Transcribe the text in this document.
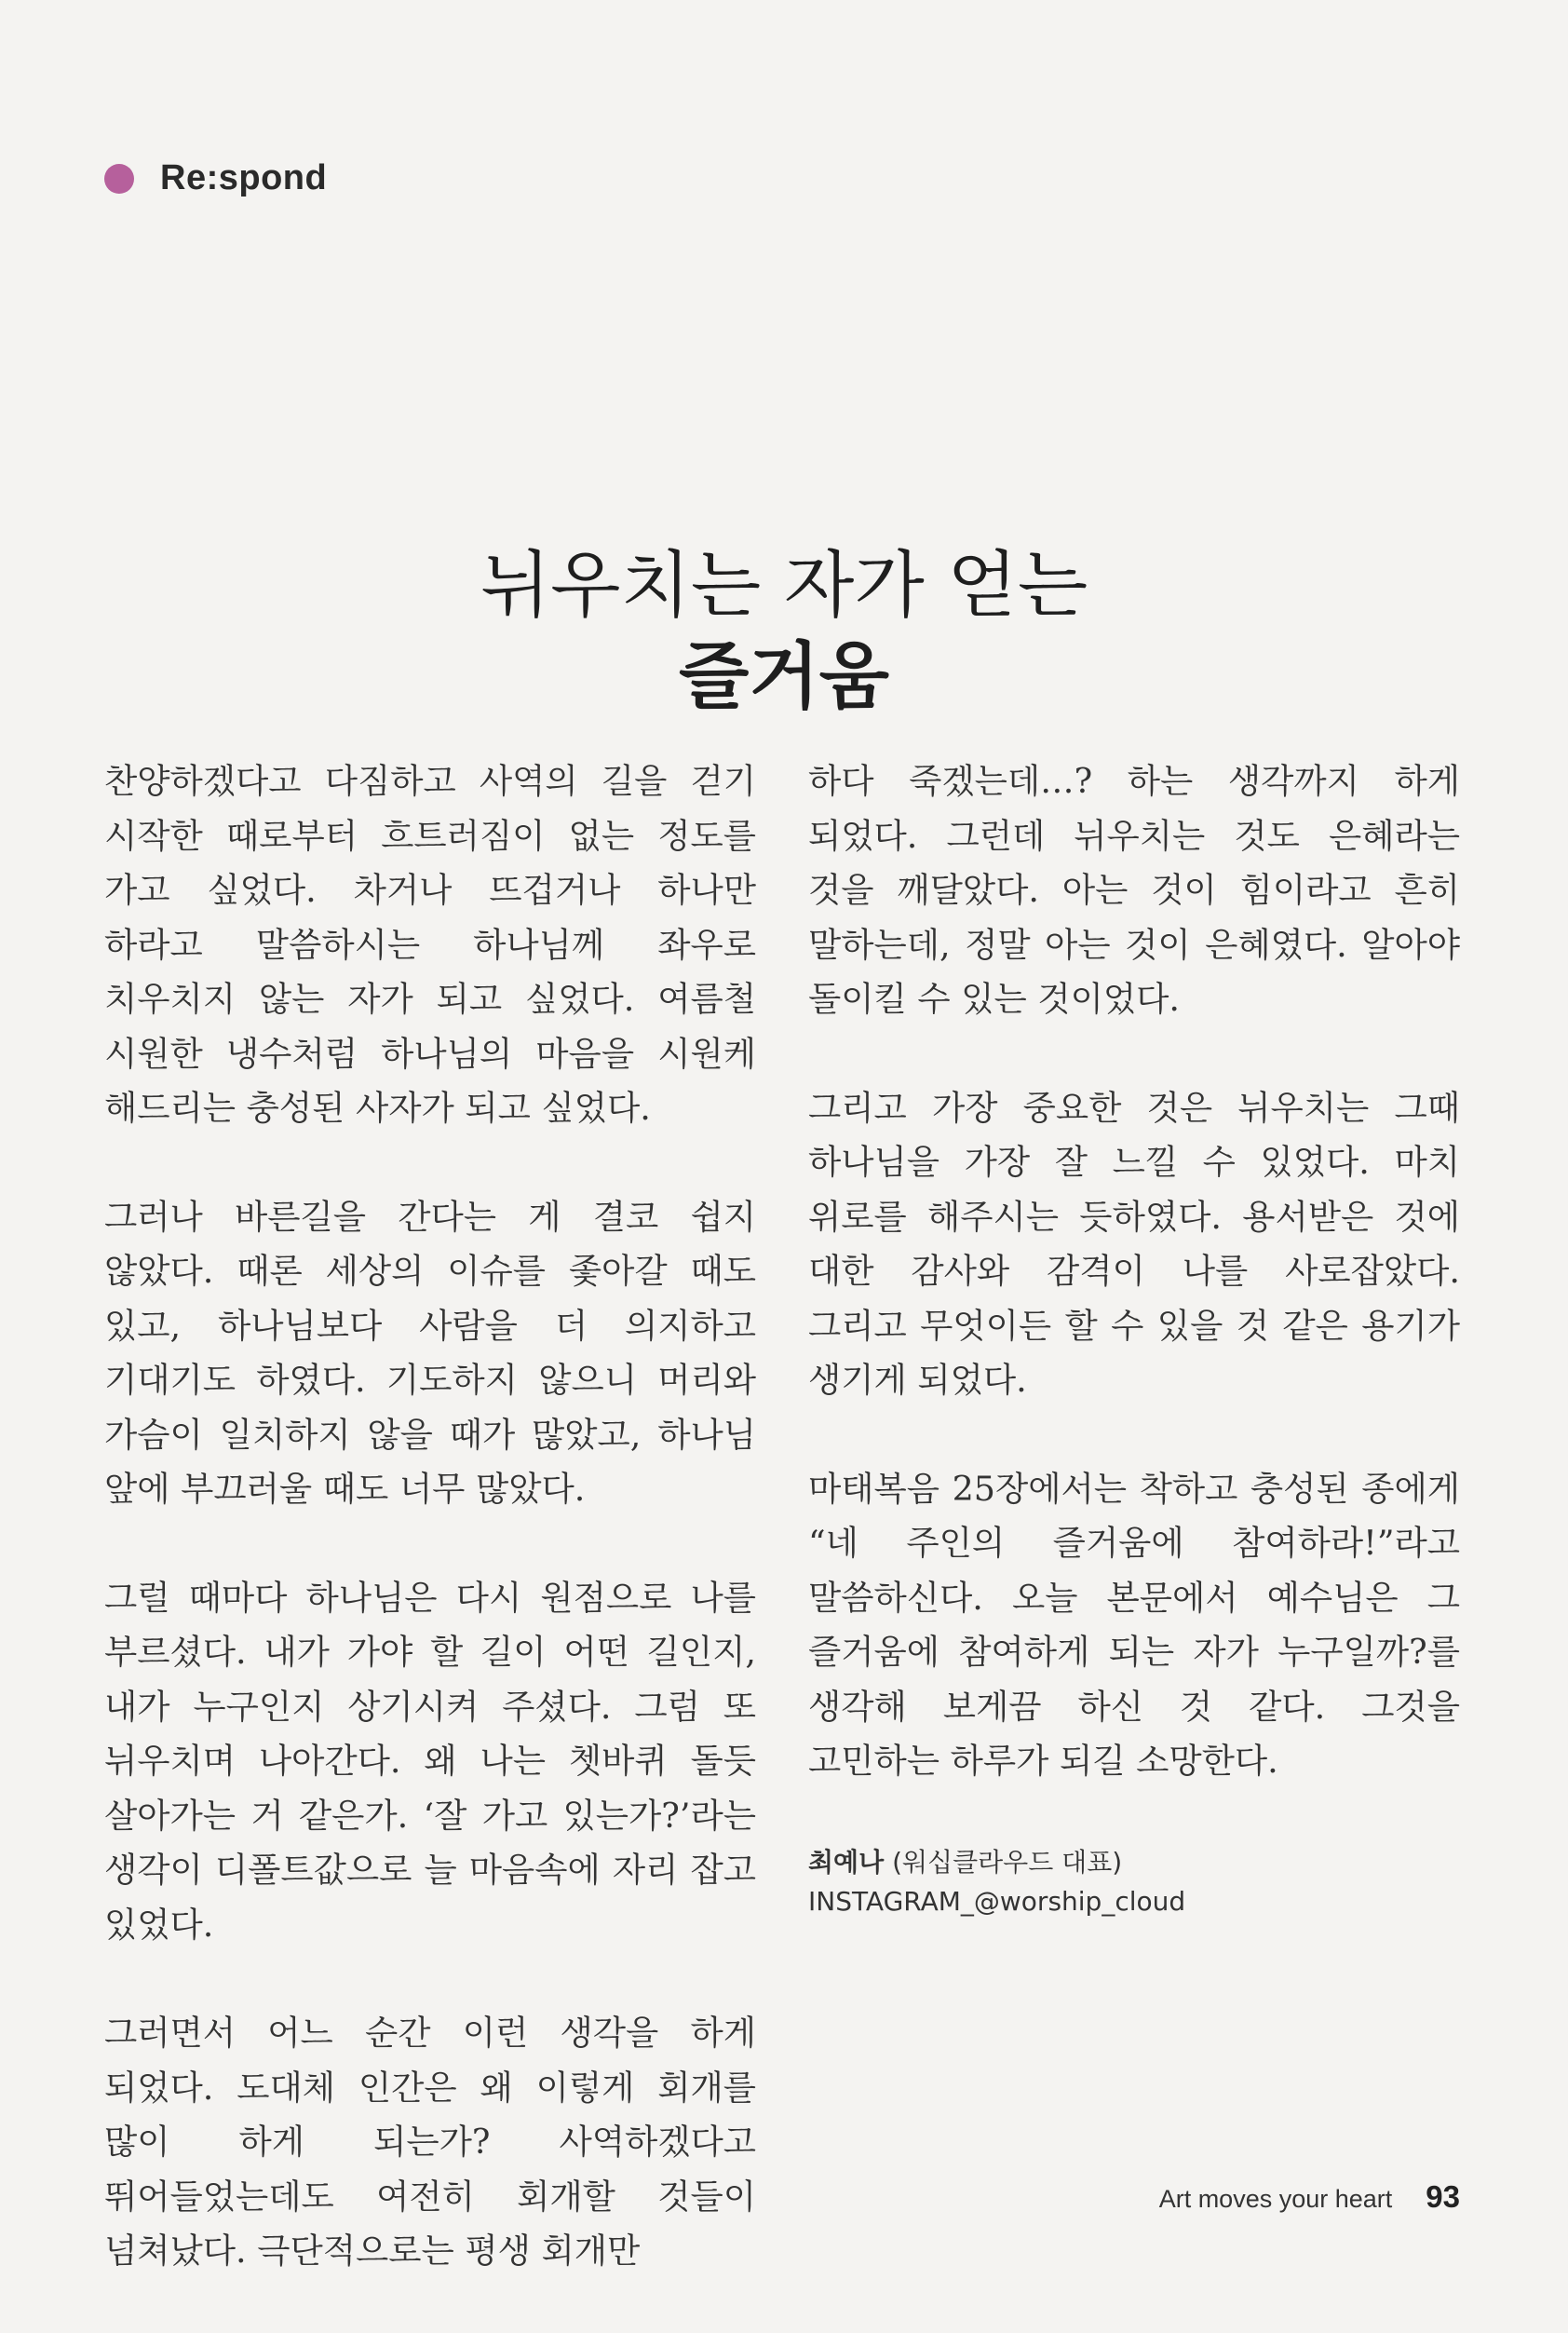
Re:spond
뉘우치는 자가 얻는
즐거움

찬양하겠다고 다짐하고 사역의 길을 걷기 시작한 때로부터 흐트러짐이 없는 정도를 가고 싶었다. 차거나 뜨겁거나 하나만 하라고 말씀하시는 하나님께 좌우로 치우치지 않는 자가 되고 싶었다. 여름철 시원한 냉수처럼 하나님의 마음을 시원케 해드리는 충성된 사자가 되고 싶었다.

그러나 바른길을 간다는 게 결코 쉽지 않았다. 때론 세상의 이슈를 좇아갈 때도 있고, 하나님보다 사람을 더 의지하고 기대기도 하였다. 기도하지 않으니 머리와 가슴이 일치하지 않을 때가 많았고, 하나님 앞에 부끄러울 때도 너무 많았다.

그럴 때마다 하나님은 다시 원점으로 나를 부르셨다. 내가 가야 할 길이 어떤 길인지, 내가 누구인지 상기시켜 주셨다. 그럼 또 뉘우치며 나아간다. 왜 나는 쳇바퀴 돌듯 살아가는 거 같은가. ‘잘 가고 있는가?’라는 생각이 디폴트값으로 늘 마음속에 자리 잡고 있었다.

그러면서 어느 순간 이런 생각을 하게 되었다. 도대체 인간은 왜 이렇게 회개를 많이 하게 되는가? 사역하겠다고 뛰어들었는데도 여전히 회개할 것들이 넘쳐났다. 극단적으로는 평생 회개만

하다 죽겠는데…? 하는 생각까지 하게 되었다. 그런데 뉘우치는 것도 은혜라는 것을 깨달았다. 아는 것이 힘이라고 흔히 말하는데, 정말 아는 것이 은혜였다. 알아야 돌이킬 수 있는 것이었다.

그리고 가장 중요한 것은 뉘우치는 그때 하나님을 가장 잘 느낄 수 있었다. 마치 위로를 해주시는 듯하였다. 용서받은 것에 대한 감사와 감격이 나를 사로잡았다. 그리고 무엇이든 할 수 있을 것 같은 용기가 생기게 되었다.

마태복음 25장에서는 착하고 충성된 종에게 “네 주인의 즐거움에 참여하라!”라고 말씀하신다. 오늘 본문에서 예수님은 그 즐거움에 참여하게 되는 자가 누구일까?를 생각해 보게끔 하신 것 같다. 그것을 고민하는 하루가 되길 소망한다.

최예나 (워십클라우드 대표)
INSTAGRAM_@worship_cloud
Art moves your heart 93
